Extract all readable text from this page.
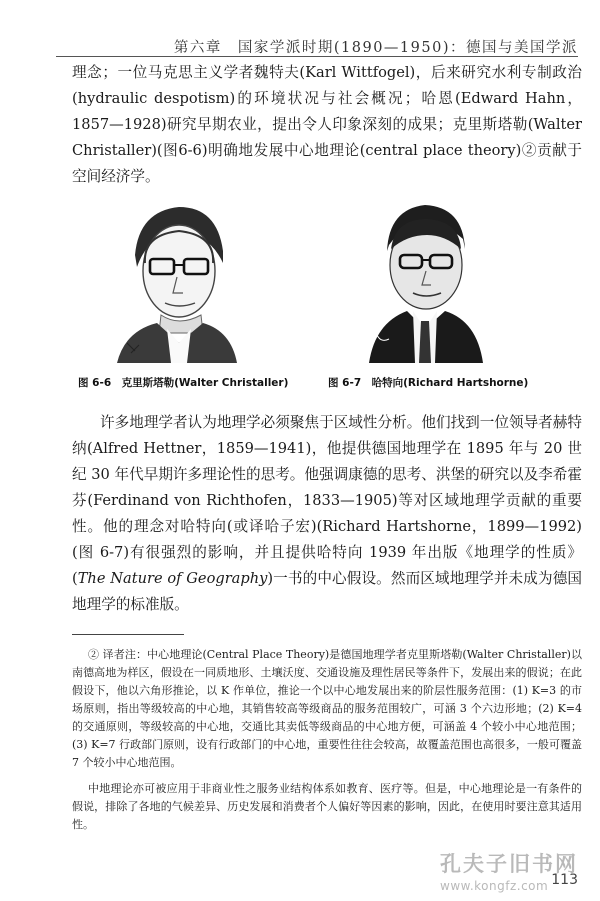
第六章　国家学派时期(1890—1950)：德国与美国学派

理念；一位马克思主义学者魏特夫(Karl Wittfogel)，后来研究水利专制政治(hydraulic despotism)的环境状况与社会概况；哈恩(Edward Hahn，1857—1928)研究早期农业，提出令人印象深刻的成果；克里斯塔勒(Walter Christaller)(图6-6)明确地发展中心地理论(central place theory)②贡献于空间经济学。

图 6-6　克里斯塔勒(Walter Christaller)	图 6-7　哈特向(Richard Hartshorne)

许多地理学者认为地理学必须聚焦于区域性分析。他们找到一位领导者赫特纳(Alfred Hettner，1859—1941)，他提供德国地理学在 1895 年与 20 世纪 30 年代早期许多理论性的思考。他强调康德的思考、洪堡的研究以及李希霍芬(Ferdinand von Richthofen，1833—1905)等对区域地理学贡献的重要性。他的理念对哈特向(或译哈子宏)(Richard Hartshorne，1899—1992)(图 6-7)有很强烈的影响，并且提供哈特向 1939 年出版《地理学的性质》(The Nature of Geography)一书的中心假设。然而区域地理学并未成为德国地理学的标准版。

② 译者注：中心地理论(Central Place Theory)是德国地理学者克里斯塔勒(Walter Christaller)以南德高地为样区，假设在一同质地形、土壤沃度、交通设施及理性居民等条件下，发展出来的假说；在此假设下，他以六角形推论，以 K 作单位，推论一个以中心地发展出来的阶层性服务范围：(1) K=3 的市场原则，指出等级较高的中心地，其销售较高等级商品的服务范围较广，可涵 3 个六边形地；(2) K=4 的交通原则，等级较高的中心地，交通比其卖低等级商品的中心地方便，可涵盖 4 个较小中心地范围；(3) K=7 行政部门原则，设有行政部门的中心地，重要性往往会较高，故覆盖范围也高很多，一般可覆盖 7 个较小中心地范围。

中地理论亦可被应用于非商业性之服务业结构体系如教育、医疗等。但是，中心地理论是一有条件的假说，排除了各地的气候差异、历史发展和消费者个人偏好等因素的影响，因此，在使用时要注意其适用性。

孔夫子旧书网
www.kongfz.com 113
